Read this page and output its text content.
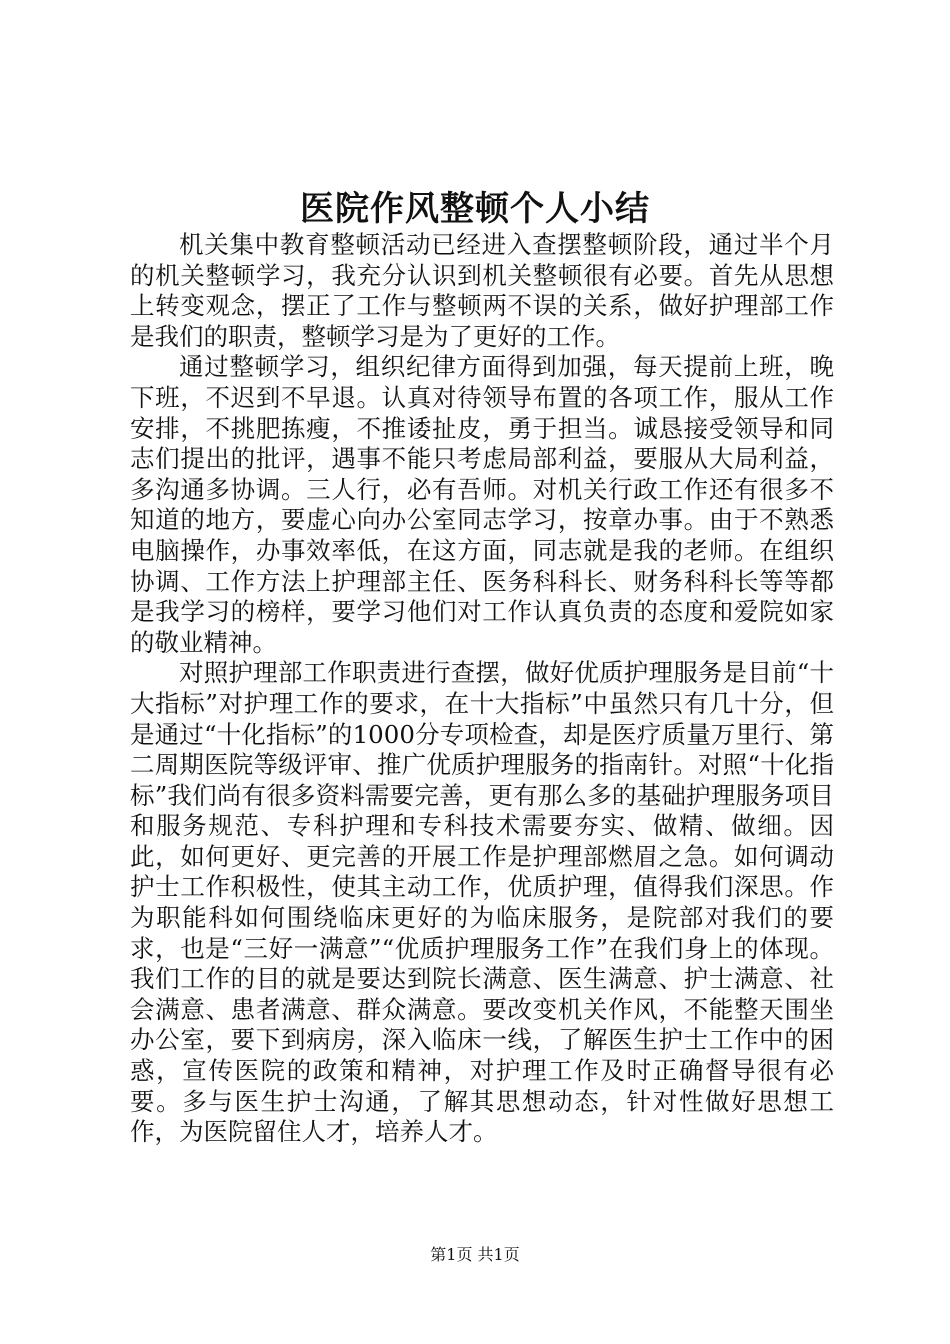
医院作风整顿个人小结

机关集中教育整顿活动已经进入查摆整顿阶段，通过半个月的机关整顿学习，我充分认识到机关整顿很有必要。首先从思想上转变观念，摆正了工作与整顿两不误的关系，做好护理部工作是我们的职责，整顿学习是为了更好的工作。

通过整顿学习，组织纪律方面得到加强，每天提前上班，晚下班，不迟到不早退。认真对待领导布置的各项工作，服从工作安排，不挑肥拣瘦，不推诿扯皮，勇于担当。诚恳接受领导和同志们提出的批评，遇事不能只考虑局部利益，要服从大局利益，多沟通多协调。三人行，必有吾师。对机关行政工作还有很多不知道的地方，要虚心向办公室同志学习，按章办事。由于不熟悉电脑操作，办事效率低，在这方面，同志就是我的老师。在组织协调、工作方法上护理部主任、医务科科长、财务科科长等等都是我学习的榜样，要学习他们对工作认真负责的态度和爱院如家的敬业精神。

对照护理部工作职责进行查摆，做好优质护理服务是目前“十大指标”对护理工作的要求，在十大指标”中虽然只有几十分，但是通过“十化指标”的1000分专项检查，却是医疗质量万里行、第二周期医院等级评审、推广优质护理服务的指南针。对照“十化指标”我们尚有很多资料需要完善，更有那么多的基础护理服务项目和服务规范、专科护理和专科技术需要夯实、做精、做细。因此，如何更好、更完善的开展工作是护理部燃眉之急。如何调动护士工作积极性，使其主动工作，优质护理，值得我们深思。作为职能科如何围绕临床更好的为临床服务，是院部对我们的要求，也是“三好一满意”“优质护理服务工作”在我们身上的体现。我们工作的目的就是要达到院长满意、医生满意、护士满意、社会满意、患者满意、群众满意。要改变机关作风，不能整天围坐办公室，要下到病房，深入临床一线，了解医生护士工作中的困惑，宣传医院的政策和精神，对护理工作及时正确督导很有必要。多与医生护士沟通，了解其思想动态，针对性做好思想工作，为医院留住人才，培养人才。

第1页 共1页
